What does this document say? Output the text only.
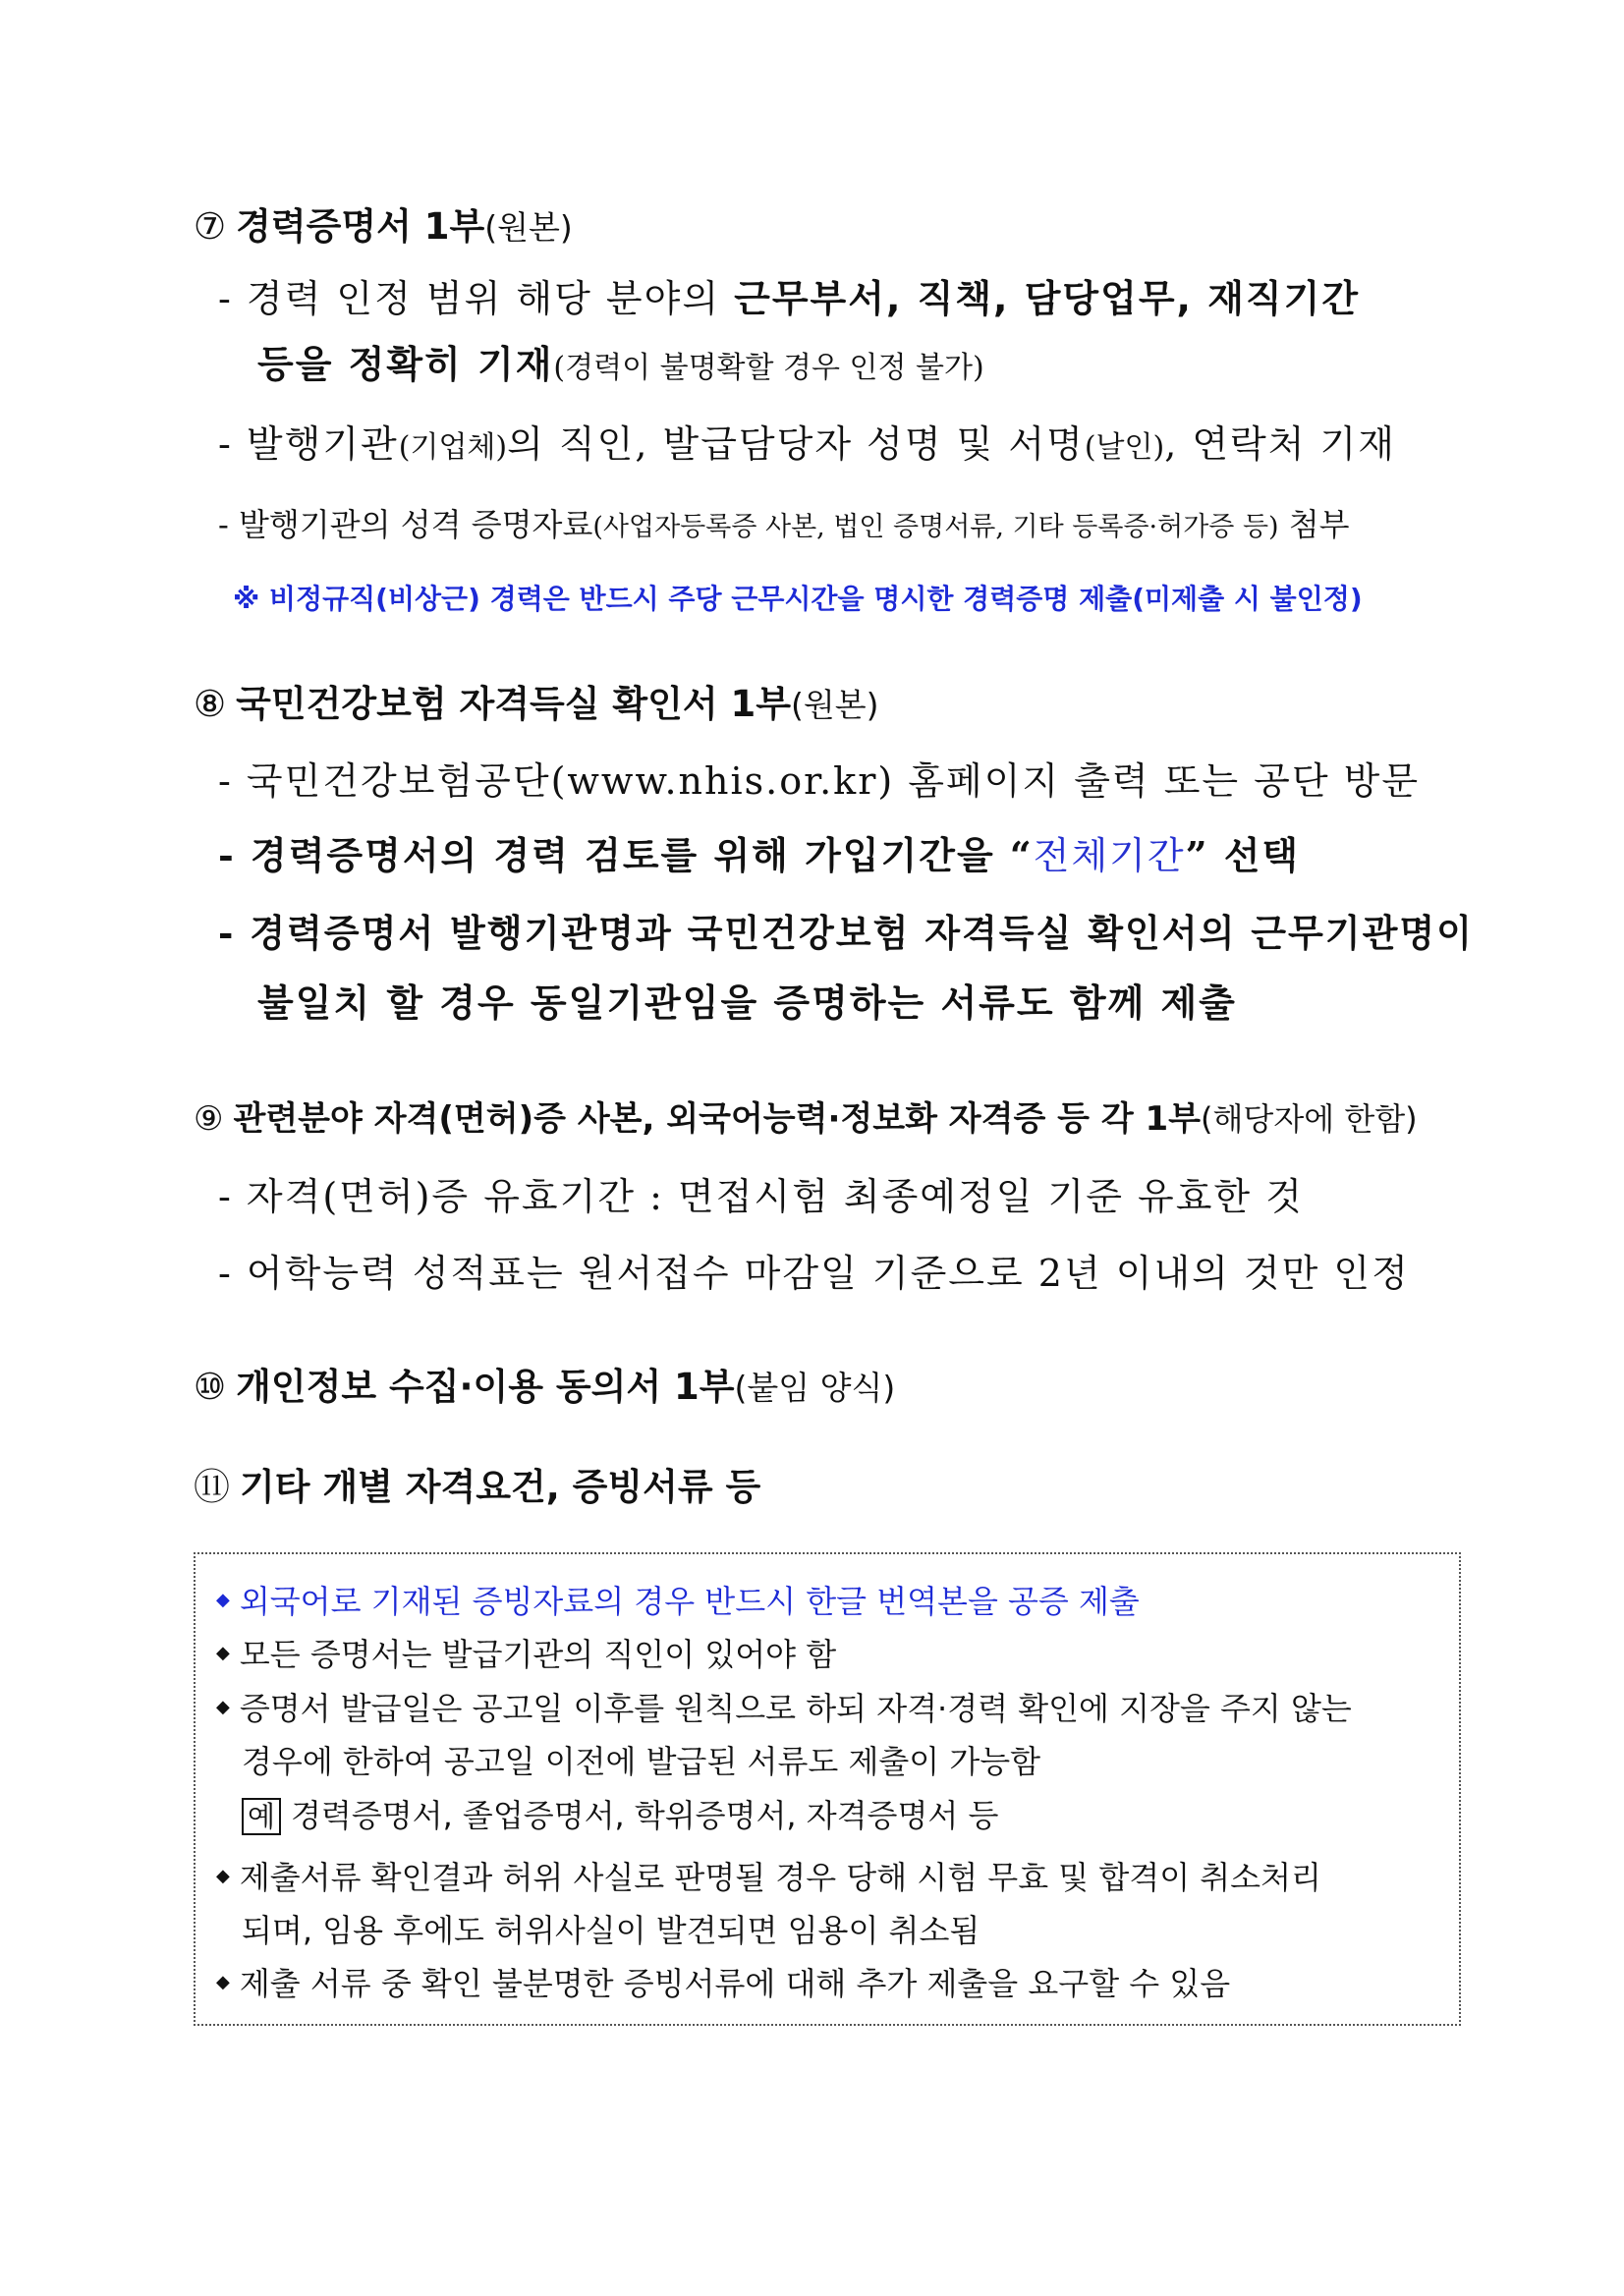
⑦ 경력증명서 1부(원본)
- 경력 인정 범위 해당 분야의 근무부서, 직책, 담당업무, 재직기간
등을 정확히 기재(경력이 불명확할 경우 인정 불가)
- 발행기관(기업체)의 직인, 발급담당자 성명 및 서명(날인), 연락처 기재
- 발행기관의 성격 증명자료(사업자등록증 사본, 법인 증명서류, 기타 등록증·허가증 등) 첨부
※ 비정규직(비상근) 경력은 반드시 주당 근무시간을 명시한 경력증명 제출(미제출 시 불인정)
⑧ 국민건강보험 자격득실 확인서 1부(원본)
- 국민건강보험공단(www.nhis.or.kr) 홈페이지 출력 또는 공단 방문
- 경력증명서의 경력 검토를 위해 가입기간을 “전체기간” 선택
- 경력증명서 발행기관명과 국민건강보험 자격득실 확인서의 근무기관명이
불일치 할 경우 동일기관임을 증명하는 서류도 함께 제출
⑨ 관련분야 자격(면허)증 사본, 외국어능력·정보화 자격증 등 각 1부(해당자에 한함)
- 자격(면허)증 유효기간 : 면접시험 최종예정일 기준 유효한 것
- 어학능력 성적표는 원서접수 마감일 기준으로 2년 이내의 것만 인정
⑩ 개인정보 수집·이용 동의서 1부(붙임 양식)
⑪ 기타 개별 자격요건, 증빙서류 등
◆ 외국어로 기재된 증빙자료의 경우 반드시 한글 번역본을 공증 제출
◆ 모든 증명서는 발급기관의 직인이 있어야 함
◆ 증명서 발급일은 공고일 이후를 원칙으로 하되 자격·경력 확인에 지장을 주지 않는
경우에 한하여 공고일 이전에 발급된 서류도 제출이 가능함
예 경력증명서, 졸업증명서, 학위증명서, 자격증명서 등
◆ 제출서류 확인결과 허위 사실로 판명될 경우 당해 시험 무효 및 합격이 취소처리
되며, 임용 후에도 허위사실이 발견되면 임용이 취소됨
◆ 제출 서류 중 확인 불분명한 증빙서류에 대해 추가 제출을 요구할 수 있음
